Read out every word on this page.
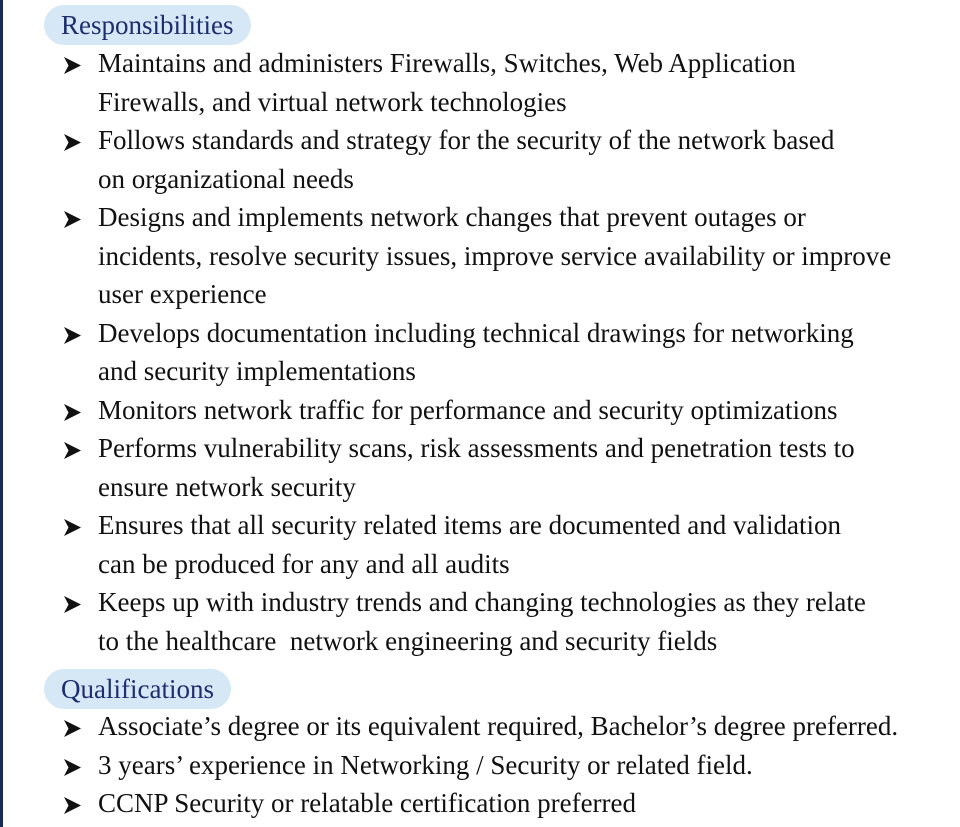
Responsibilities
Maintains and administers Firewalls, Switches, Web Application
Firewalls, and virtual network technologies
Follows standards and strategy for the security of the network based
on organizational needs
Designs and implements network changes that prevent outages or
incidents, resolve security issues, improve service availability or improve
user experience
Develops documentation including technical drawings for networking
and security implementations
Monitors network traffic for performance and security optimizations
Performs vulnerability scans, risk assessments and penetration tests to
ensure network security
Ensures that all security related items are documented and validation
can be produced for any and all audits
Keeps up with industry trends and changing technologies as they relate
to the healthcare  network engineering and security fields
Qualifications
Associate’s degree or its equivalent required, Bachelor’s degree preferred.
3 years’ experience in Networking / Security or related field.
CCNP Security or relatable certification preferred
